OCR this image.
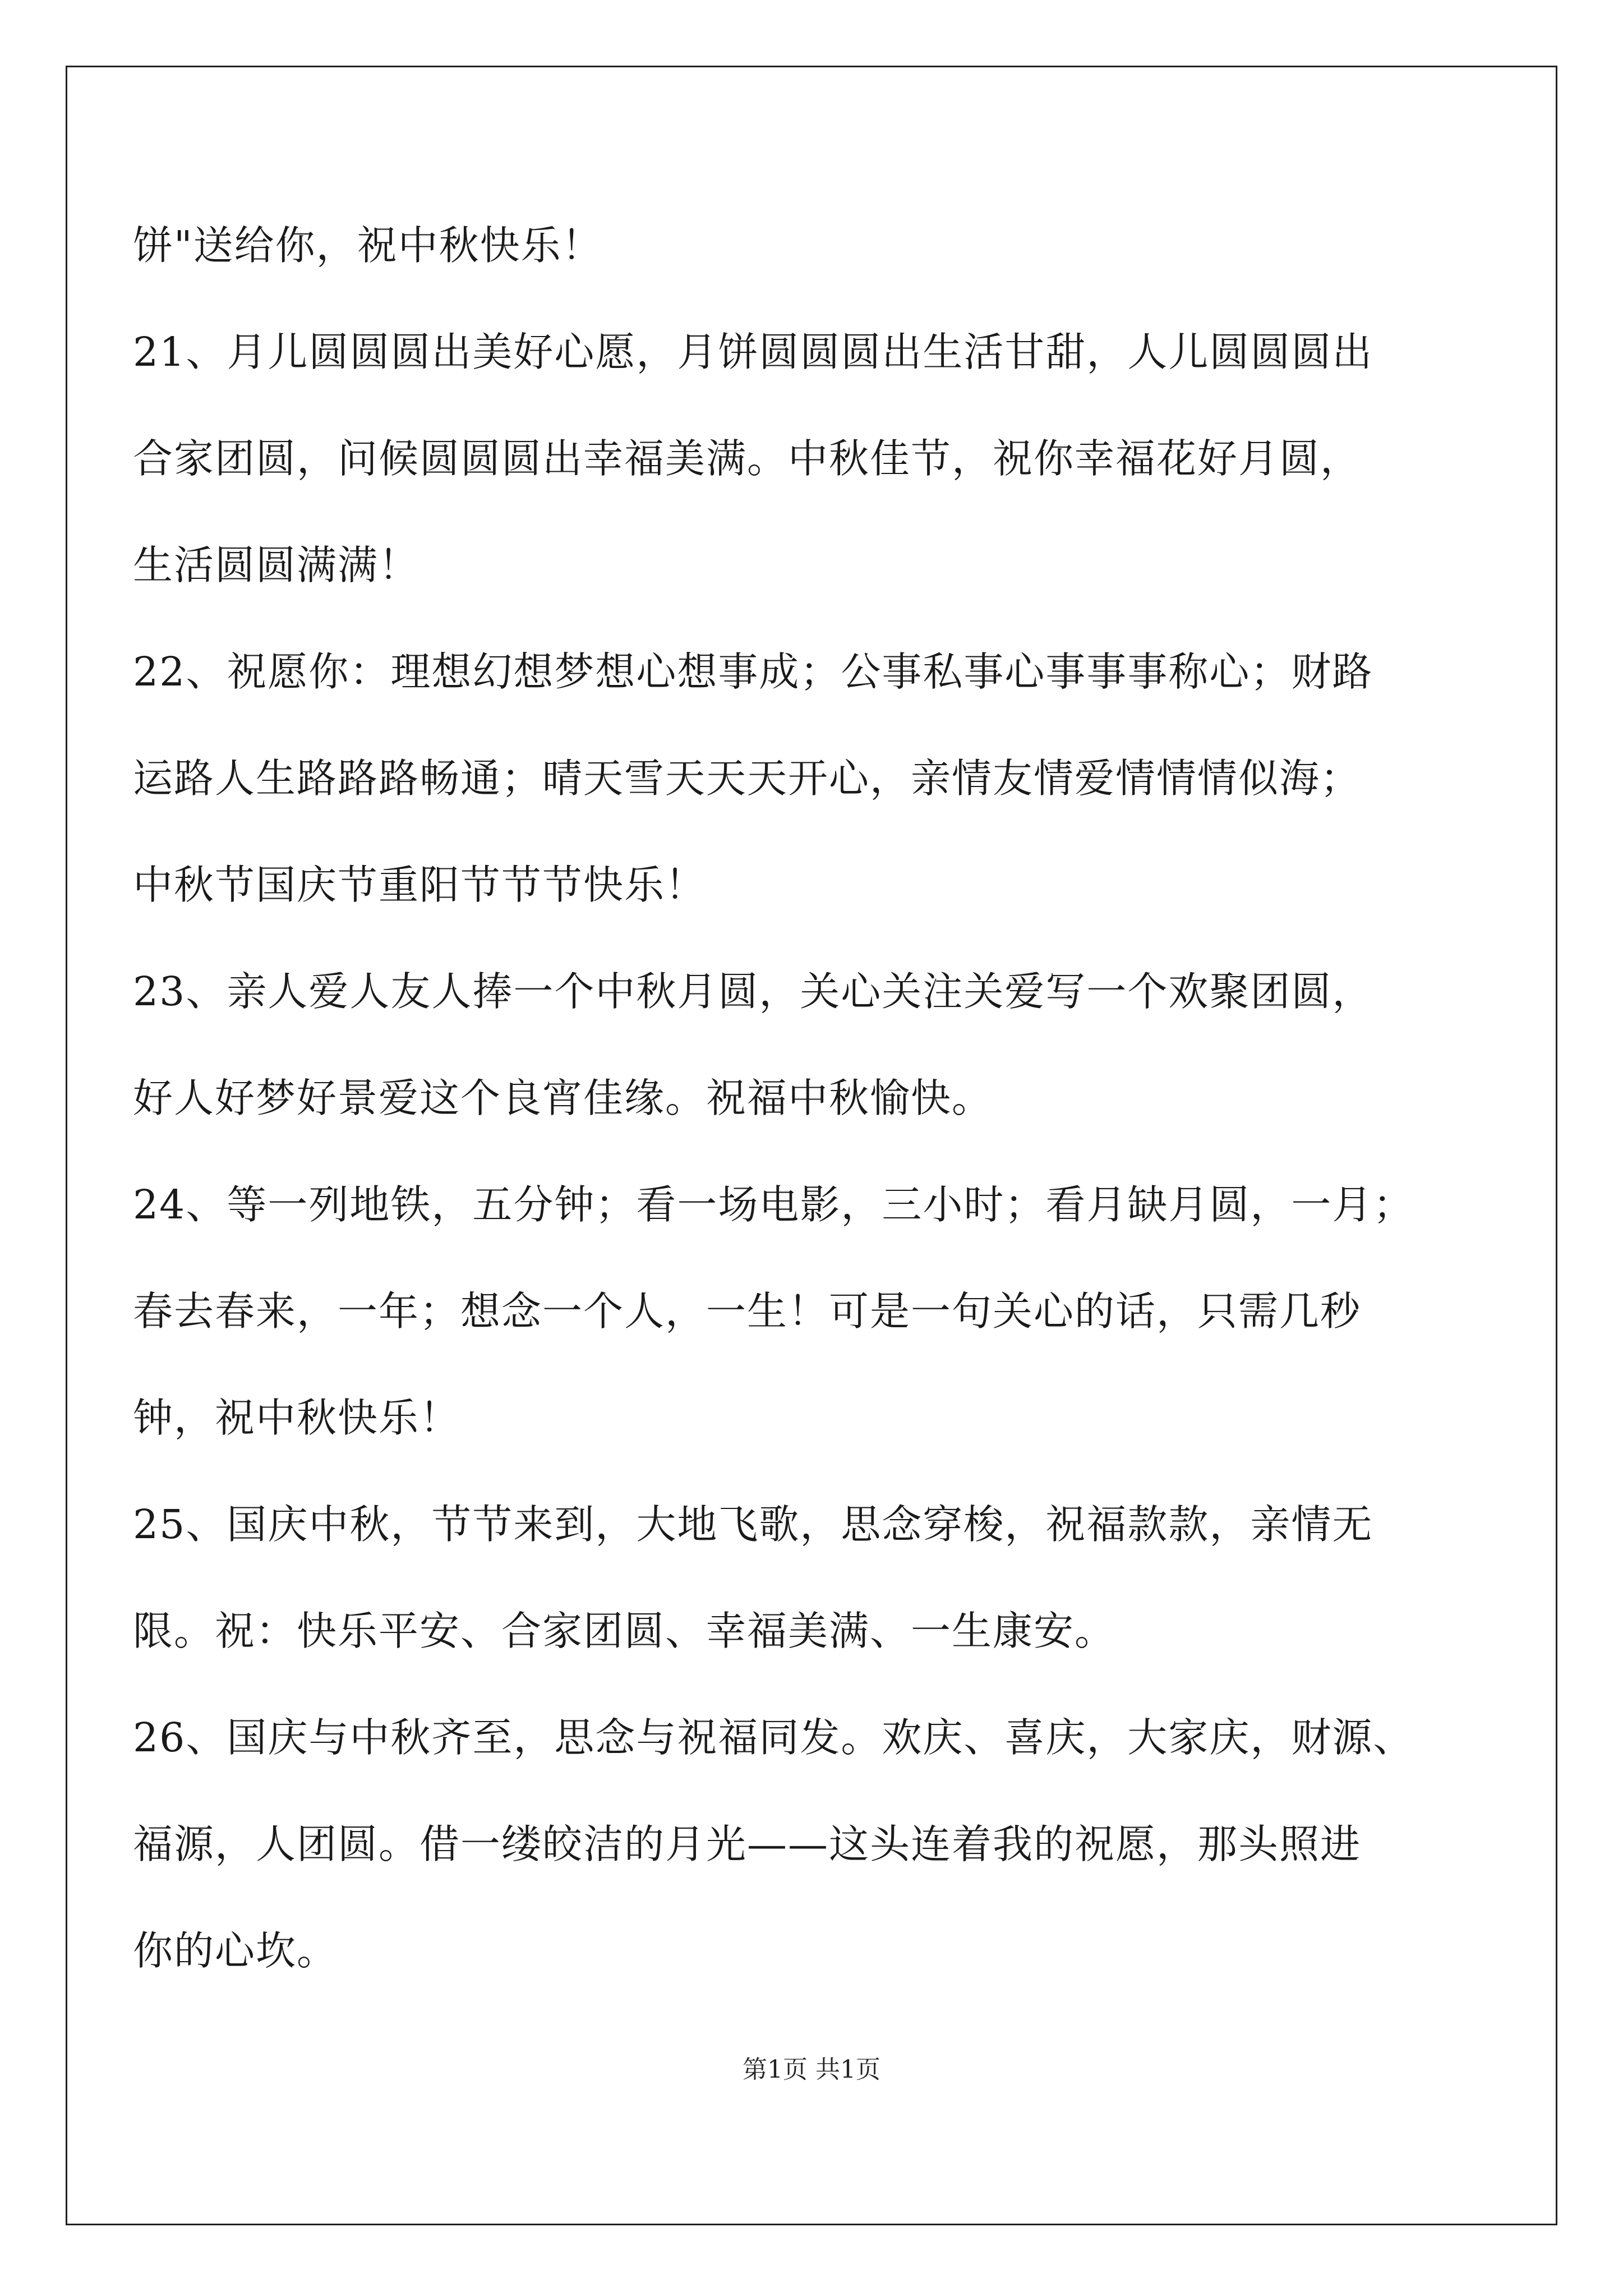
饼"送给你，祝中秋快乐！

21、月儿圆圆圆出美好心愿，月饼圆圆圆出生活甘甜，人儿圆圆圆出

合家团圆，问候圆圆圆出幸福美满。中秋佳节，祝你幸福花好月圆，

生活圆圆满满！

22、祝愿你：理想幻想梦想心想事成；公事私事心事事事称心；财路

运路人生路路路畅通；晴天雪天天天开心，亲情友情爱情情情似海；

中秋节国庆节重阳节节节快乐！

23、亲人爱人友人捧一个中秋月圆，关心关注关爱写一个欢聚团圆，

好人好梦好景爱这个良宵佳缘。祝福中秋愉快。

24、等一列地铁，五分钟；看一场电影，三小时；看月缺月圆，一月；

春去春来，一年；想念一个人，一生！可是一句关心的话，只需几秒

钟，祝中秋快乐！

25、国庆中秋，节节来到，大地飞歌，思念穿梭，祝福款款，亲情无

限。祝：快乐平安、合家团圆、幸福美满、一生康安。

26、国庆与中秋齐至，思念与祝福同发。欢庆、喜庆，大家庆，财源、

福源，人团圆。借一缕皎洁的月光——这头连着我的祝愿，那头照进

你的心坎。

第1页 共1页
